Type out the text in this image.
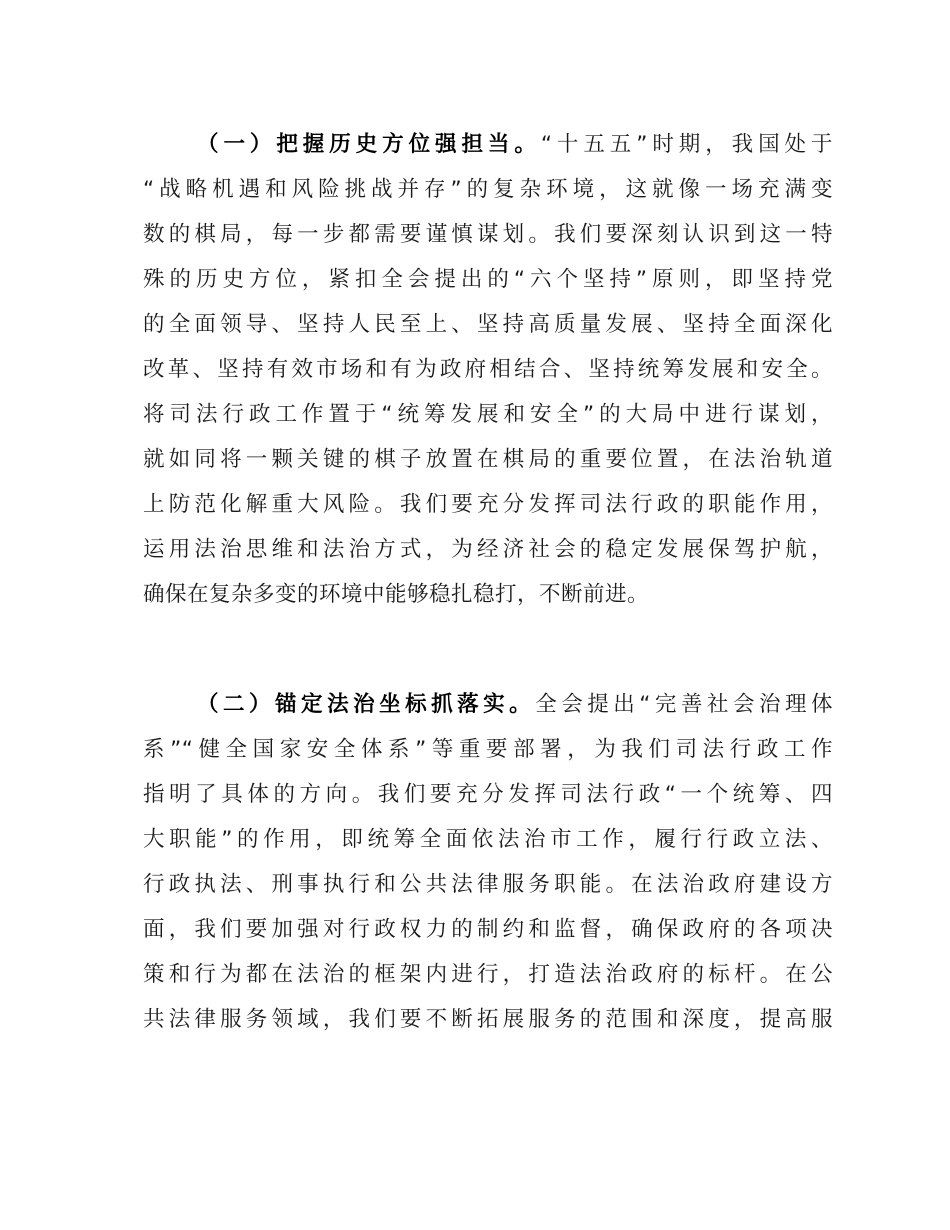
（一）把握历史方位强担当。“十五五”时期，我国处于
“战略机遇和风险挑战并存”的复杂环境，这就像一场充满变
数的棋局，每一步都需要谨慎谋划。我们要深刻认识到这一特
殊的历史方位，紧扣全会提出的“六个坚持”原则，即坚持党
的全面领导、坚持人民至上、坚持高质量发展、坚持全面深化
改革、坚持有效市场和有为政府相结合、坚持统筹发展和安全。
将司法行政工作置于“统筹发展和安全”的大局中进行谋划，
就如同将一颗关键的棋子放置在棋局的重要位置，在法治轨道
上防范化解重大风险。我们要充分发挥司法行政的职能作用，
运用法治思维和法治方式，为经济社会的稳定发展保驾护航，
确保在复杂多变的环境中能够稳扎稳打，不断前进。
（二）锚定法治坐标抓落实。全会提出“完善社会治理体
系”“健全国家安全体系”等重要部署，为我们司法行政工作
指明了具体的方向。我们要充分发挥司法行政“一个统筹、四
大职能”的作用，即统筹全面依法治市工作，履行行政立法、
行政执法、刑事执行和公共法律服务职能。在法治政府建设方
面，我们要加强对行政权力的制约和监督，确保政府的各项决
策和行为都在法治的框架内进行，打造法治政府的标杆。在公
共法律服务领域，我们要不断拓展服务的范围和深度，提高服
